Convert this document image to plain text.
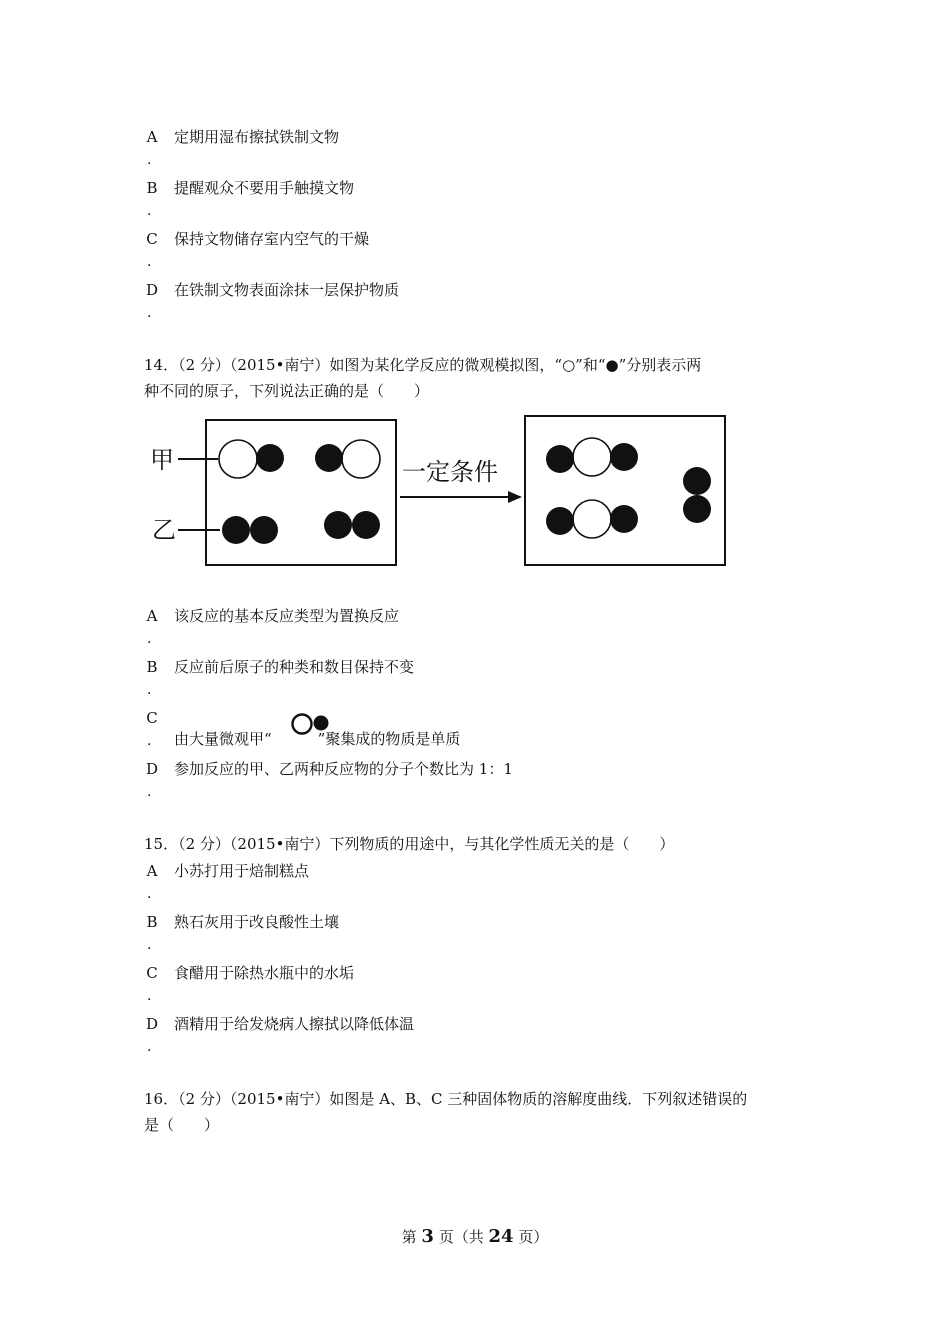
A
.
定期用湿布擦拭铁制文物
B
.
提醒观众不要用手触摸文物
C
.
保持文物储存室内空气的干燥
D
.
在铁制文物表面涂抹一层保护物质
14．（2 分）（2015•南宁）如图为某化学反应的微观模拟图，“○”和“●”分别表示两
种不同的原子，下列说法正确的是（　　）
甲
乙
一定条件
A
.
该反应的基本反应类型为置换反应
B
.
反应前后原子的种类和数目保持不变
C
. 由大量微观甲“	”聚集成的物质是单质
D
.
参加反应的甲、乙两种反应物的分子个数比为 1：1
15．（2 分）（2015•南宁）下列物质的用途中，与其化学性质无关的是（　　）
A
.
小苏打用于焙制糕点
B
.
熟石灰用于改良酸性土壤
C
.
食醋用于除热水瓶中的水垢
D
.
酒精用于给发烧病人擦拭以降低体温
16．（2 分）（2015•南宁）如图是 A、B、C 三种固体物质的溶解度曲线．下列叙述错误的
是（　　）
第 3 页（共 24 页）
